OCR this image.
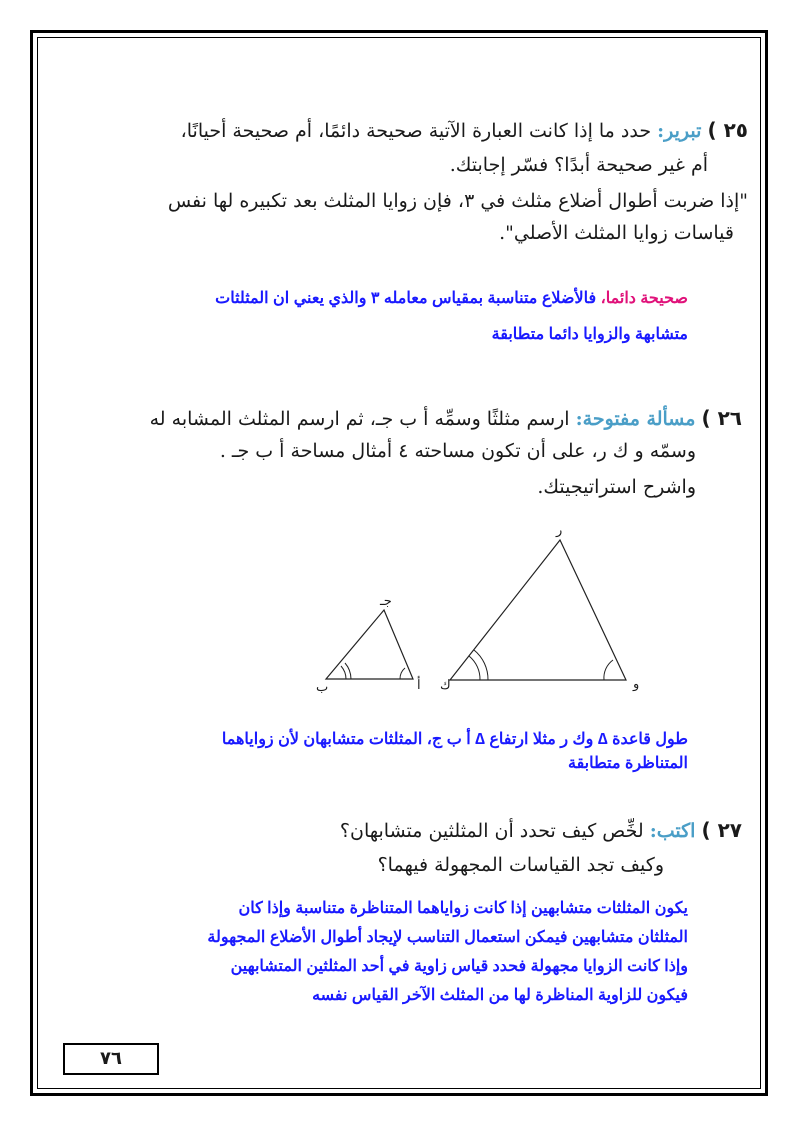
٢٥ ) تبرير: حدد ما إذا كانت العبارة الآتية صحيحة دائمًا، أم صحيحة أحيانًا،
أم غير صحيحة أبدًا؟ فسّر إجابتك.
"إذا ضربت أطوال أضلاع مثلث في ٣، فإن زوايا المثلث بعد تكبيره لها نفس
قياسات زوايا المثلث الأصلي".
صحيحة دائما، فالأضلاع متناسبة بمقياس معامله ٣ والذي يعني ان المثلثات
متشابهة والزوايا دائما متطابقة
٢٦ ) مسألة مفتوحة: ارسم مثلثًا وسمِّه أ ب جـ، ثم ارسم المثلث المشابه له
وسمّه و ك ر، على أن تكون مساحته ٤ أمثال مساحة أ ب جـ .
واشرح استراتيجيتك.
جـ
أ
ب
ر
ك	و
طول قاعدة ∆ وك ر مثلا ارتفاع ∆ أ ب ج، المثلثات متشابهان لأن زواياهما
المتناظرة متطابقة
٢٧ ) اكتب: لخِّص كيف تحدد أن المثلثين متشابهان؟
وكيف تجد القياسات المجهولة فيهما؟
يكون المثلثات متشابهين إذا كانت زواياهما المتناظرة متناسبة وإذا كان
المثلثان متشابهين فيمكن استعمال التناسب لإيجاد أطوال الأضلاع المجهولة
وإذا كانت الزوايا مجهولة فحدد قياس زاوية في أحد المثلثين المتشابهين
فيكون للزاوية المناظرة لها من المثلث الآخر القياس نفسه
٧٦
